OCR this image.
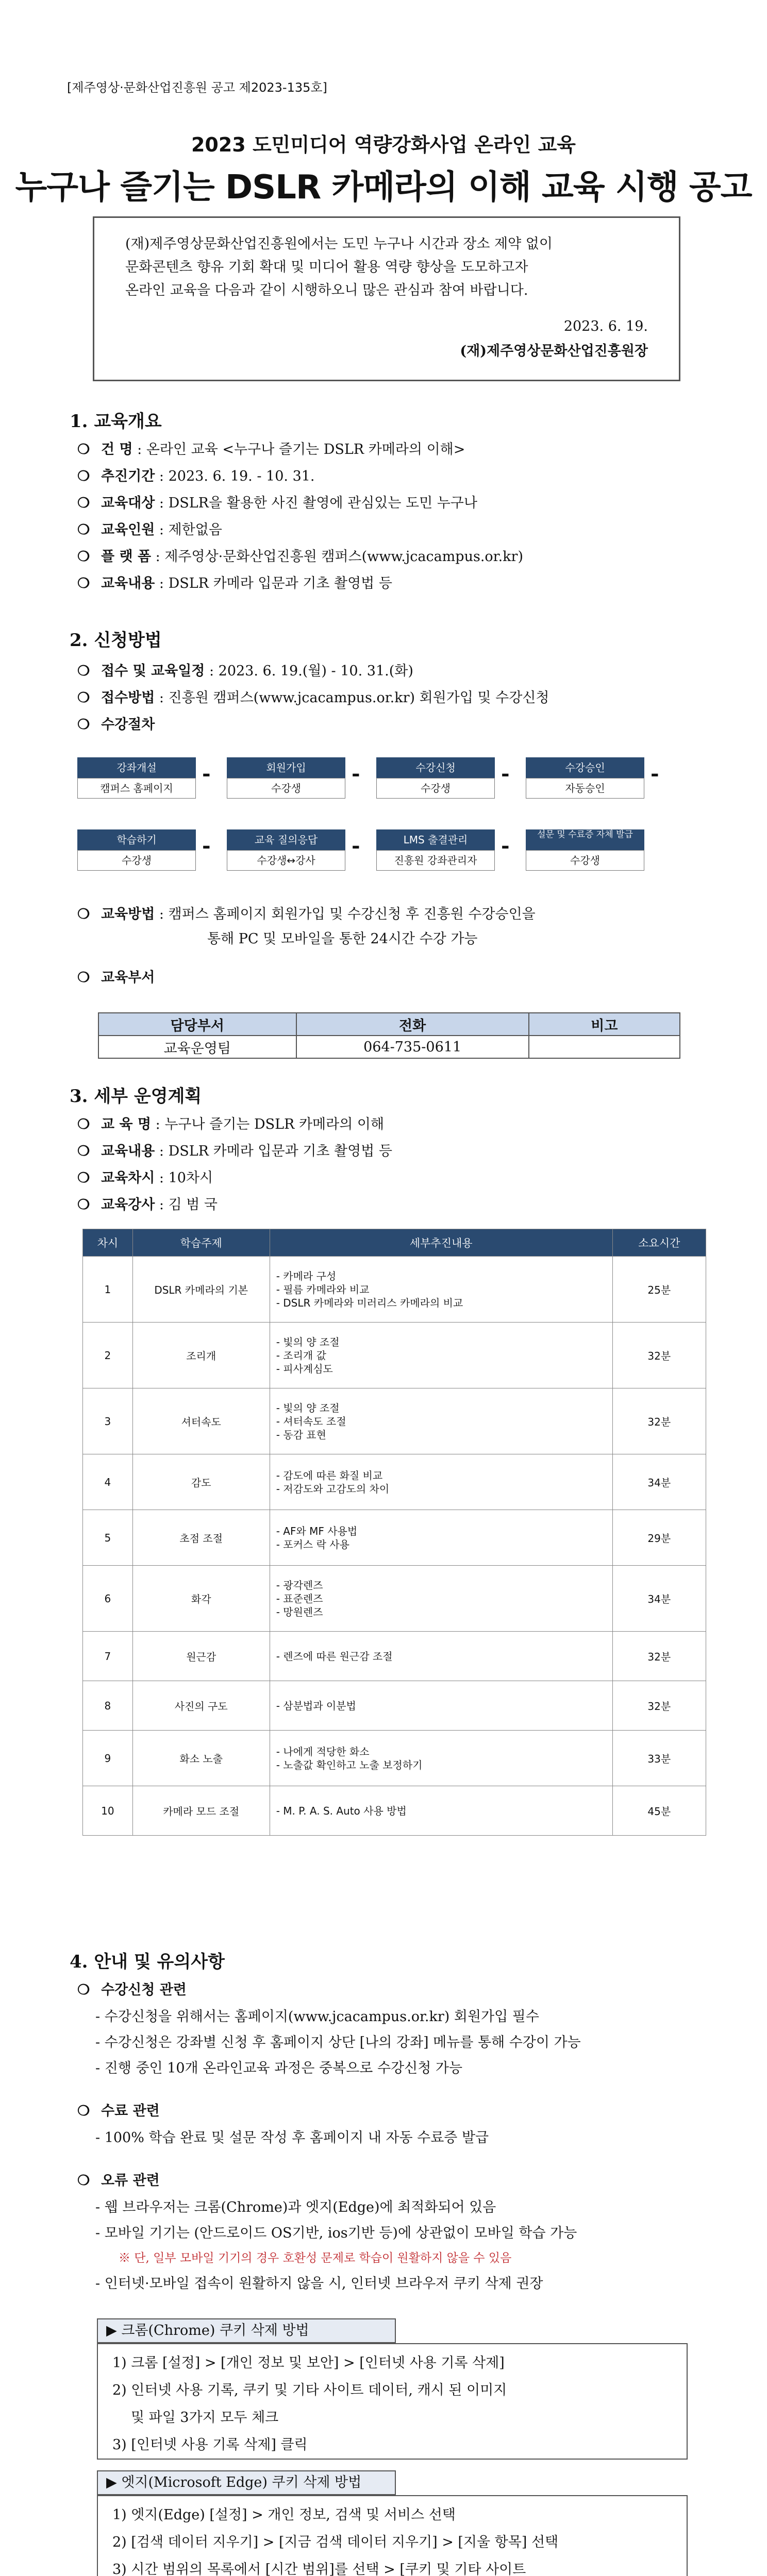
[제주영상·문화산업진흥원 공고 제2023-135호]
2023 도민미디어 역량강화사업 온라인 교육
누구나 즐기는 DSLR 카메라의 이해 교육 시행 공고
(재)제주영상문화산업진흥원에서는 도민 누구나 시간과 장소 제약 없이
문화콘텐츠 향유 기회 확대 및 미디어 활용 역량 향상을 도모하고자
온라인 교육을 다음과 같이 시행하오니 많은 관심과 참여 바랍니다.
2023. 6. 19.
(재)제주영상문화산업진흥원장
1. 교육개요
❍ 건 명 : 온라인 교육 <누구나 즐기는 DSLR 카메라의 이해>
❍ 추진기간 : 2023. 6. 19. - 10. 31.
❍ 교육대상 : DSLR을 활용한 사진 촬영에 관심있는 도민 누구나
❍ 교육인원 : 제한없음
❍ 플 랫 폼 : 제주영상·문화산업진흥원 캠퍼스(www.jcacampus.or.kr)
❍ 교육내용 : DSLR 카메라 입문과 기초 촬영법 등
2. 신청방법
❍ 접수 및 교육일정 : 2023. 6. 19.(월) - 10. 31.(화)
❍ 접수방법 : 진흥원 캠퍼스(www.jcacampus.or.kr) 회원가입 및 수강신청
❍ 수강절차
강좌개설
캠퍼스 홈페이지
-	회원가입
수강생
-	수강신청
수강생
-	수강승인
자동승인
-
학습하기
수강생
-	교육 질의응답
수강생↔강사
-	LMS 출결관리
진흥원 강좌관리자
-	설문 및 수료증 자체 발급
수강생
❍ 교육방법 : 캠퍼스 홈페이지 회원가입 및 수강신청 후 진흥원 수강승인을
통해 PC 및 모바일을 통한 24시간 수강 가능
❍ 교육부서
담당부서	전화	비고
교육운영팀	064-735-0611	
3. 세부 운영계획
❍ 교 육 명 : 누구나 즐기는 DSLR 카메라의 이해
❍ 교육내용 : DSLR 카메라 입문과 기초 촬영법 등
❍ 교육차시 : 10차시
❍ 교육강사 : 김 범 국
차시	학습주제	세부추진내용	소요시간
1	DSLR 카메라의 기본	- 카메라 구성
- 필름 카메라와 비교
- DSLR 카메라와 미러리스 카메라의 비교	25분
2	조리개	- 빛의 양 조절
- 조리개 값
- 피사계심도	32분
3	셔터속도	- 빛의 양 조절
- 셔터속도 조절
- 동감 표현	32분
4	감도	- 감도에 따른 화질 비교
- 저감도와 고감도의 차이	34분
5	초점 조절	- AF와 MF 사용법
- 포커스 락 사용	29분
6	화각	- 광각렌즈
- 표준렌즈
- 망원렌즈	34분
7	원근감	- 렌즈에 따른 원근감 조절	32분
8	사진의 구도	- 삼분법과 이분법	32분
9	화소 노출	- 나에게 적당한 화소
- 노출값 확인하고 노출 보정하기	33분
10	카메라 모드 조절	- M. P. A. S. Auto 사용 방법	45분
4. 안내 및 유의사항
❍ 수강신청 관련
- 수강신청을 위해서는 홈페이지(www.jcacampus.or.kr) 회원가입 필수
- 수강신청은 강좌별 신청 후 홈페이지 상단 [나의 강좌] 메뉴를 통해 수강이 가능
- 진행 중인 10개 온라인교육 과정은 중복으로 수강신청 가능
❍ 수료 관련
- 100% 학습 완료 및 설문 작성 후 홈페이지 내 자동 수료증 발급
❍ 오류 관련
- 웹 브라우저는 크롬(Chrome)과 엣지(Edge)에 최적화되어 있음
- 모바일 기기는 (안드로이드 OS기반, ios기반 등)에 상관없이 모바일 학습 가능
※ 단, 일부 모바일 기기의 경우 호환성 문제로 학습이 원활하지 않을 수 있음
- 인터넷·모바일 접속이 원활하지 않을 시, 인터넷 브라우저 쿠키 삭제 권장
▶ 크롬(Chrome) 쿠키 삭제 방법
1) 크롬 [설정] > [개인 정보 및 보안] > [인터넷 사용 기록 삭제]
2) 인터넷 사용 기록, 쿠키 및 기타 사이트 데이터, 캐시 된 이미지
및 파일 3가지 모두 체크
3) [인터넷 사용 기록 삭제] 클릭
▶ 엣지(Microsoft Edge) 쿠키 삭제 방법
1) 엣지(Edge) [설정] > 개인 정보, 검색 및 서비스 선택
2) [검색 데이터 지우기] > [지금 검색 데이터 지우기] > [지울 항목] 선택
3) 시간 범위의 목록에서 [시간 범위]를 선택 > [쿠키 및 기타 사이트
